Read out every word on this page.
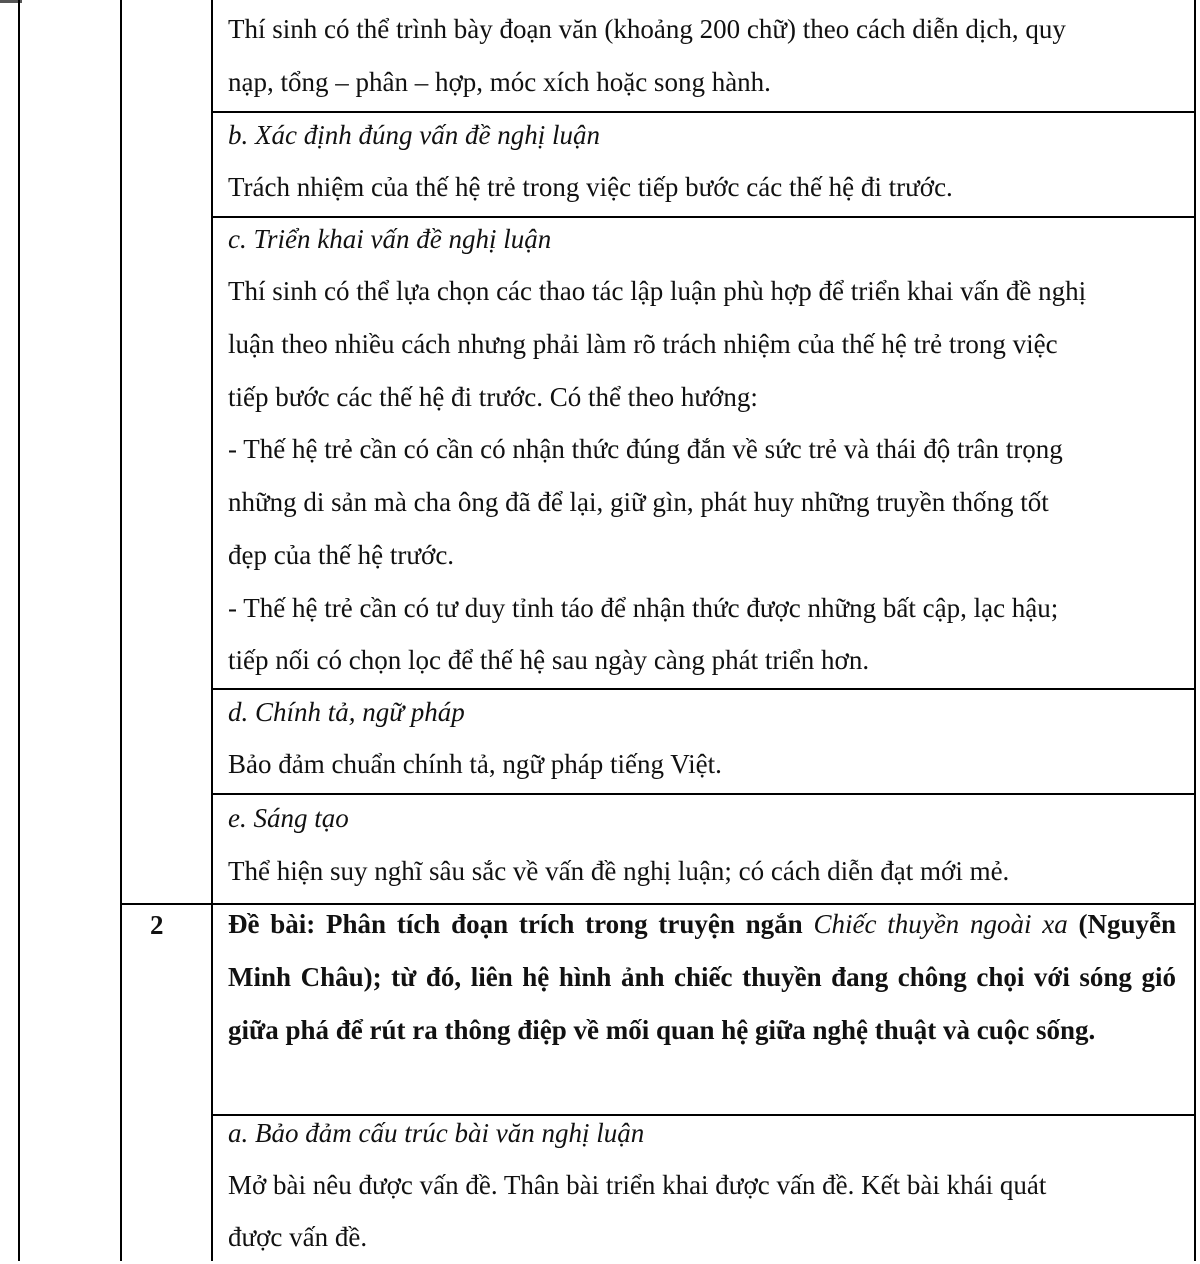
Thí sinh có thể trình bày đoạn văn (khoảng 200 chữ) theo cách diễn dịch, quy
nạp, tổng – phân – hợp, móc xích hoặc song hành.
b. Xác định đúng vấn đề nghị luận
Trách nhiệm của thế hệ trẻ trong việc tiếp bước các thế hệ đi trước.
c. Triển khai vấn đề nghị luận
Thí sinh có thể lựa chọn các thao tác lập luận phù hợp để triển khai vấn đề nghị
luận theo nhiều cách nhưng phải làm rõ trách nhiệm của thế hệ trẻ trong việc
tiếp bước các thế hệ đi trước. Có thể theo hướng:
- Thế hệ trẻ cần có cần có nhận thức đúng đắn về sức trẻ và thái độ trân trọng
những di sản mà cha ông đã để lại, giữ gìn, phát huy những truyền thống tốt
đẹp của thế hệ trước.
- Thế hệ trẻ cần có tư duy tỉnh táo để nhận thức được những bất cập, lạc hậu;
tiếp nối có chọn lọc để thế hệ sau ngày càng phát triển hơn.
d. Chính tả, ngữ pháp
Bảo đảm chuẩn chính tả, ngữ pháp tiếng Việt.
e. Sáng tạo
Thể hiện suy nghĩ sâu sắc về vấn đề nghị luận; có cách diễn đạt mới mẻ.
2 Đề bài: Phân tích đoạn trích trong truyện ngắn Chiếc thuyền ngoài xa (Nguyễn Minh Châu); từ đó, liên hệ hình ảnh chiếc thuyền đang chông chọi với sóng gió giữa phá để rút ra thông điệp về mối quan hệ giữa nghệ thuật và cuộc sống.
a. Bảo đảm cấu trúc bài văn nghị luận
Mở bài nêu được vấn đề. Thân bài triển khai được vấn đề. Kết bài khái quát
được vấn đề.
